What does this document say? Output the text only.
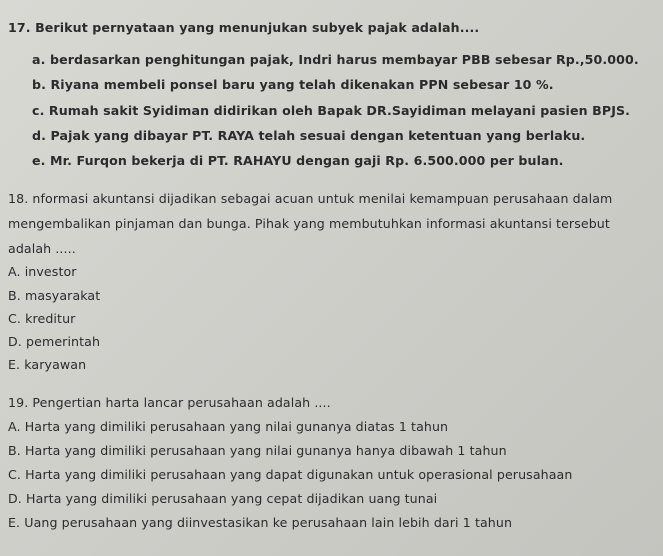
17. Berikut pernyataan yang menunjukan subyek pajak adalah....
a. berdasarkan penghitungan pajak, Indri harus membayar PBB sebesar Rp.,50.000.
b. Riyana membeli ponsel baru yang telah dikenakan PPN sebesar 10 %.
c. Rumah sakit Syidiman didirikan oleh Bapak DR.Sayidiman melayani pasien BPJS.
d. Pajak yang dibayar PT. RAYA telah sesuai dengan ketentuan yang berlaku.
e. Mr. Furqon bekerja di PT. RAHAYU dengan gaji Rp. 6.500.000 per bulan.
18. nformasi akuntansi dijadikan sebagai acuan untuk menilai kemampuan perusahaan dalam
mengembalikan pinjaman dan bunga. Pihak yang membutuhkan informasi akuntansi tersebut
adalah .....
A. investor
B. masyarakat
C. kreditur
D. pemerintah
E. karyawan
19. Pengertian harta lancar perusahaan adalah ....
A. Harta yang dimiliki perusahaan yang nilai gunanya diatas 1 tahun
B. Harta yang dimiliki perusahaan yang nilai gunanya hanya dibawah 1 tahun
C. Harta yang dimiliki perusahaan yang dapat digunakan untuk operasional perusahaan
D. Harta yang dimiliki perusahaan yang cepat dijadikan uang tunai
E. Uang perusahaan yang diinvestasikan ke perusahaan lain lebih dari 1 tahun
